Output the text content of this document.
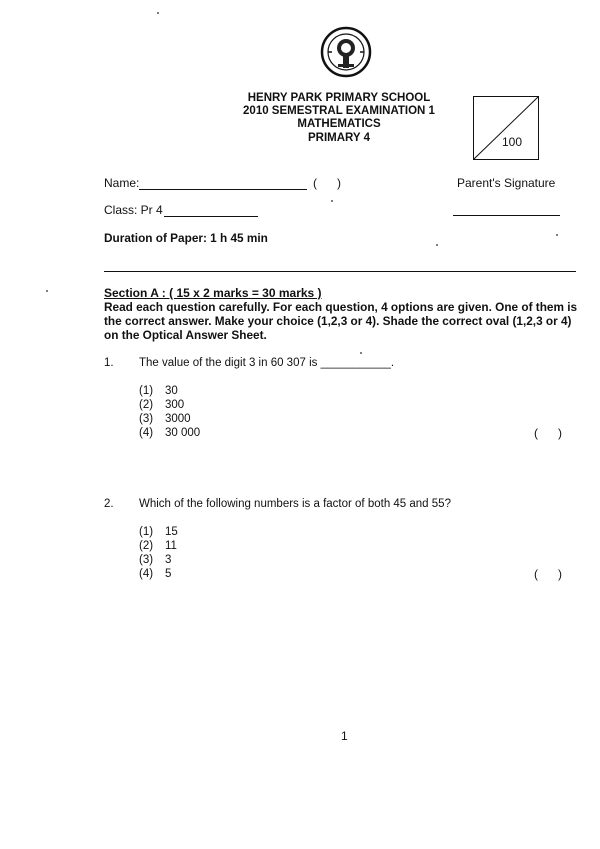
HENRY PARK PRIMARY SCHOOL
2010 SEMESTRAL EXAMINATION 1
MATHEMATICS
PRIMARY 4	100
Name:	(      )	Parent's Signature
Class: Pr 4
Duration of Paper: 1 h 45 min
Section A : ( 15 x 2 marks = 30 marks )
Read each question carefully. For each question, 4 options are given. One of them is the correct answer. Make your choice (1,2,3 or 4). Shade the correct oval (1,2,3 or 4) on the Optical Answer Sheet.
1. The value of the digit 3 in 60 307 is ___________.
(1) 30
(2) 300
(3) 3000
(4) 30 000	(      )
2. Which of the following numbers is a factor of both 45 and 55?
(1) 15
(2) 11
(3) 3
(4) 5	(      )
1
